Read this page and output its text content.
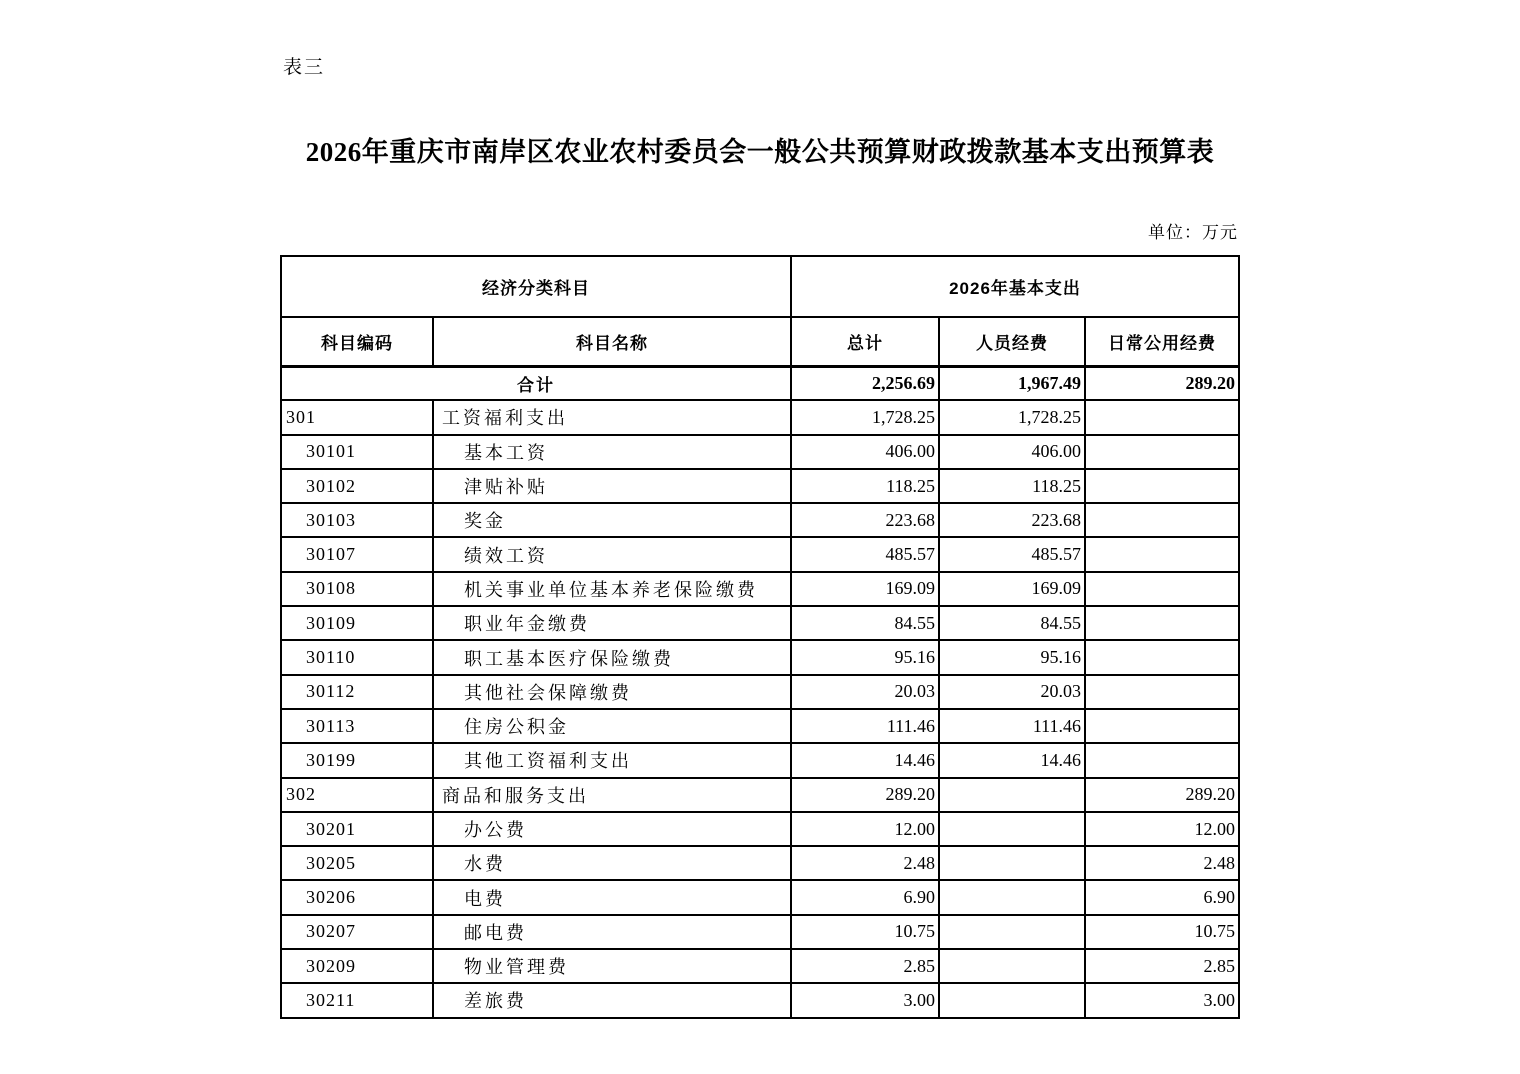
表三
2026年重庆市南岸区农业农村委员会一般公共预算财政拨款基本支出预算表
单位：万元
经济分类科目		2026年基本支出		
科目编码	科目名称	总计	人员经费	日常公用经费
合计		2,256.69	1,967.49	289.20
301	工资福利支出	1,728.25	1,728.25	
30101	基本工资	406.00	406.00	
30102	津贴补贴	118.25	118.25	
30103	奖金	223.68	223.68	
30107	绩效工资	485.57	485.57	
30108	机关事业单位基本养老保险缴费	169.09	169.09	
30109	职业年金缴费	84.55	84.55	
30110	职工基本医疗保险缴费	95.16	95.16	
30112	其他社会保障缴费	20.03	20.03	
30113	住房公积金	111.46	111.46	
30199	其他工资福利支出	14.46	14.46	
302	商品和服务支出	289.20		289.20
30201	办公费	12.00		12.00
30205	水费	2.48		2.48
30206	电费	6.90		6.90
30207	邮电费	10.75		10.75
30209	物业管理费	2.85		2.85
30211	差旅费	3.00		3.00
